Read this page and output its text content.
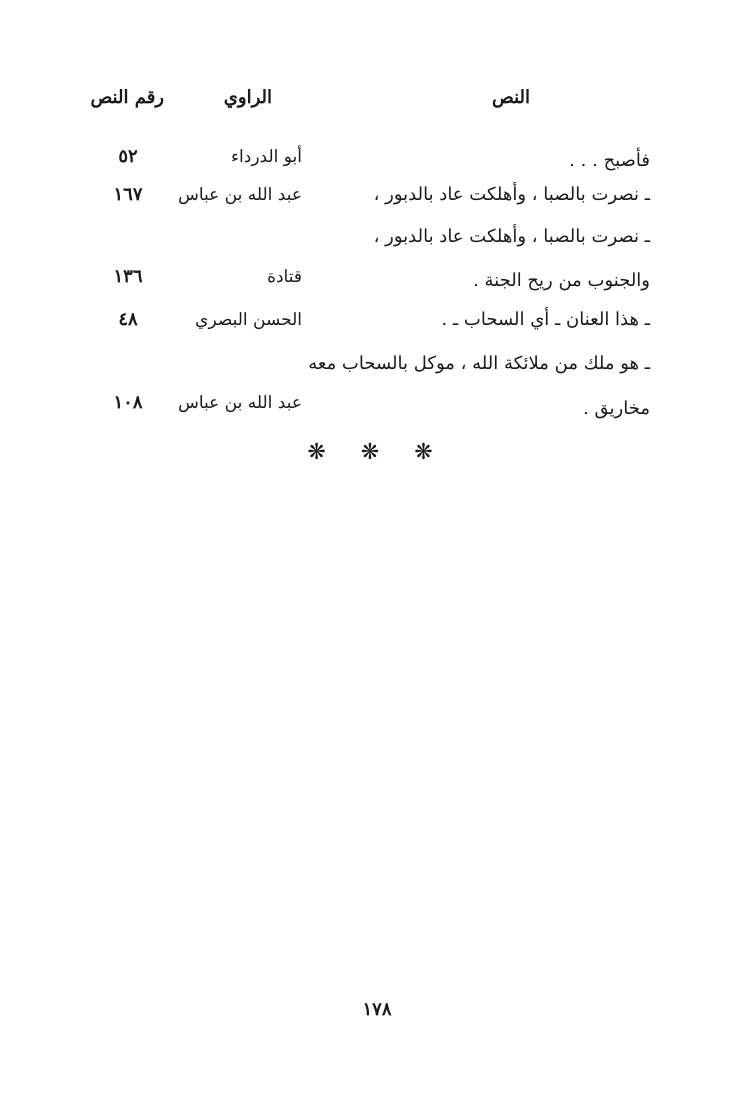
النص
الراوي
رقم النص
فأصبح . . .
أبو الدرداء
٥٢
ـ نصرت بالصبا ، وأهلكت عاد بالدبور ،
عبد الله بن عباس
١٦٧
ـ نصرت بالصبا ، وأهلكت عاد بالدبور ،
والجنوب من ريح الجنة .
قتادة
١٣٦
ـ هذا العنان ـ أي السحاب ـ .
الحسن البصري
٤٨
ـ هو ملك من ملائكة الله ، موكل بالسحاب معه
مخاريق .
عبد الله بن عباس
١٠٨
❋ ❋ ❋
١٧٨
